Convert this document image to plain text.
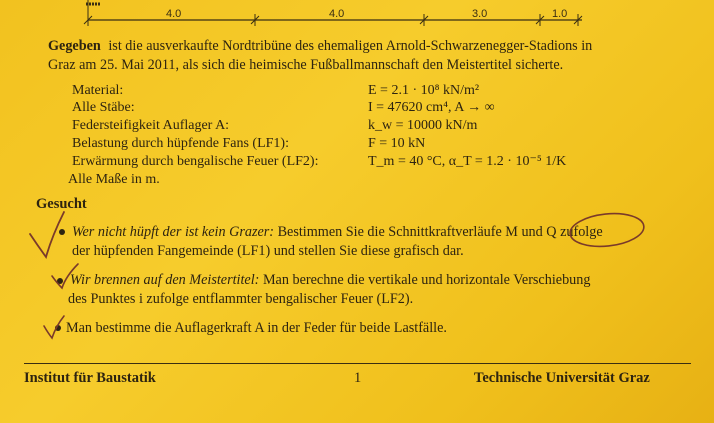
4.0	4.0	3.0	1.0
Gegeben ist die ausverkaufte Nordtribüne des ehemaligen Arnold-Schwarzenegger-Stadions in
Graz am 25. Mai 2011, als sich die heimische Fußballmannschaft den Meistertitel sicherte.
Material:	E = 2.1 · 10⁸ kN/m²
Alle Stäbe:	I = 47620 cm⁴, A → ∞
Federsteifigkeit Auflager A:	k_w = 10000 kN/m
Belastung durch hüpfende Fans (LF1):	F = 10 kN
Erwärmung durch bengalische Feuer (LF2):	T_m = 40 °C, α_T = 1.2 · 10⁻⁵ 1/K
Alle Maße in m.
Gesucht
Wer nicht hüpft der ist kein Grazer: Bestimmen Sie die Schnittkraftverläufe M und Q zufolge
der hüpfenden Fangemeinde (LF1) und stellen Sie diese grafisch dar.
Wir brennen auf den Meistertitel: Man berechne die vertikale und horizontale Verschiebung
des Punktes i zufolge entflammter bengalischer Feuer (LF2).
Man bestimme die Auflagerkraft A in der Feder für beide Lastfälle.
Institut für Baustatik	1	Technische Universität Graz
